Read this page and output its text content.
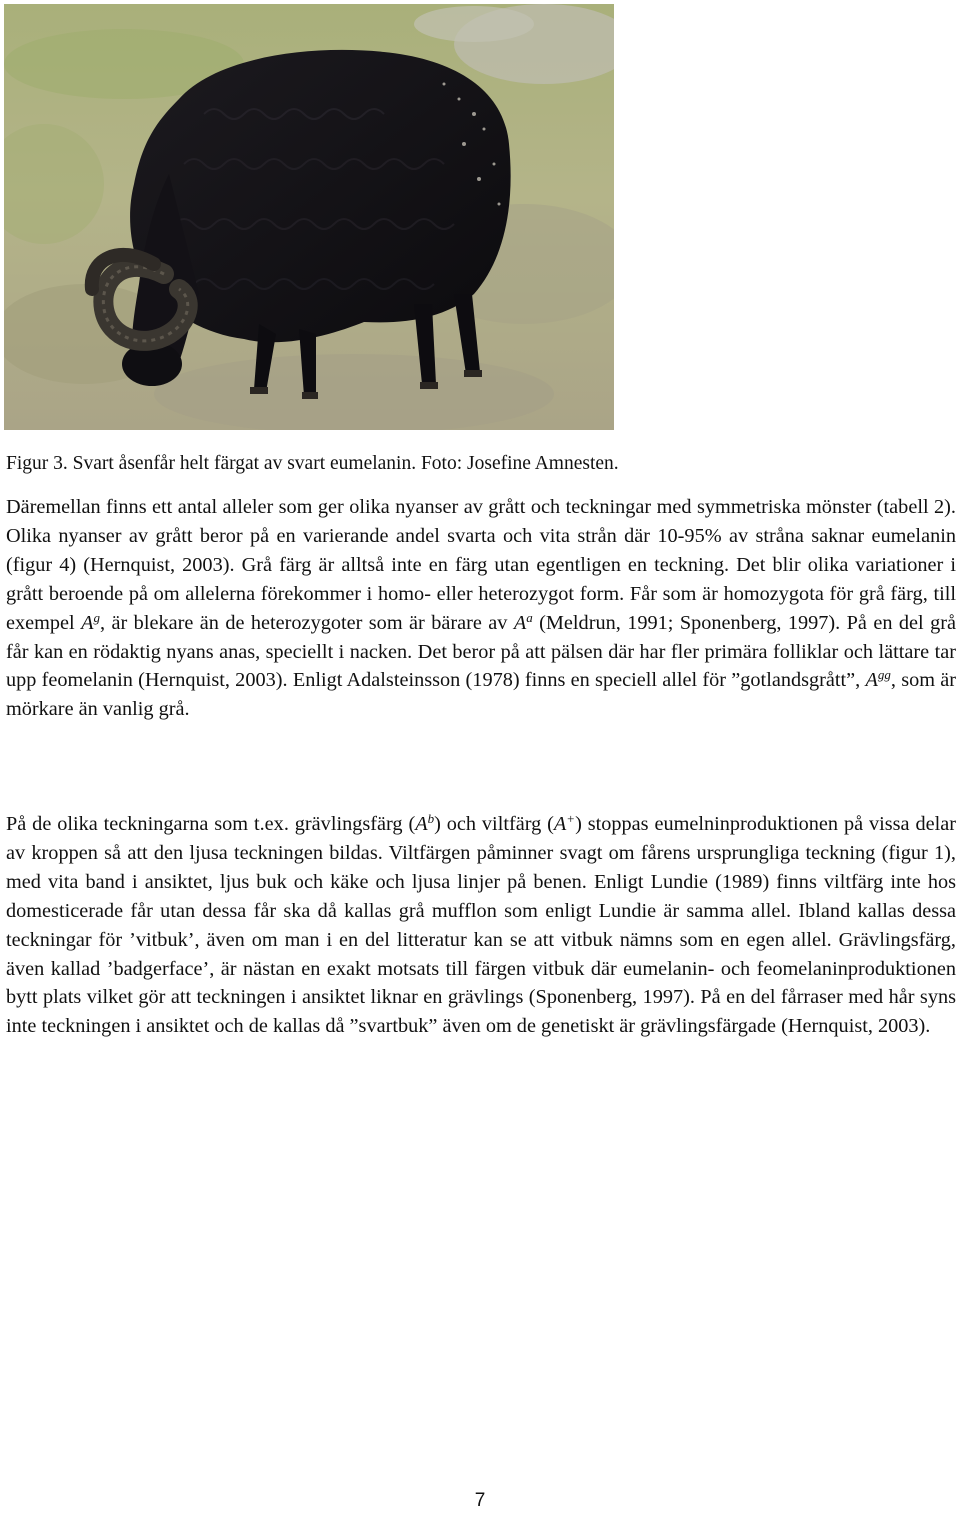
Figur 3. Svart åsenfår helt färgat av svart eumelanin. Foto: Josefine Amnesten.

Däremellan finns ett antal alleler som ger olika nyanser av grått och teckningar med symmetriska mönster (tabell 2). Olika nyanser av grått beror på en varierande andel svarta och vita strån där 10-95% av stråna saknar eumelanin (figur 4) (Hernquist, 2003). Grå färg är alltså inte en färg utan egentligen en teckning. Det blir olika variationer i grått beroende på om allelerna förekommer i homo- eller heterozygot form. Får som är homozygota för grå färg, till exempel $A^g$, är blekare än de heterozygoter som är bärare av $A^a$ (Meldrun, 1991; Sponenberg, 1997). På en del grå får kan en rödaktig nyans anas, speciellt i nacken. Det beror på att pälsen där har fler primära folliklar och lättare tar upp feomelanin (Hernquist, 2003). Enligt Adalsteinsson (1978) finns en speciell allel för ”gotlandsgrått”, $A^{gg}$, som är mörkare än vanlig grå.

På de olika teckningarna som t.ex. grävlingsfärg $(A^b)$ och viltfärg (A+) stoppas eumelninproduktionen på vissa delar av kroppen så att den ljusa teckningen bildas. Viltfärgen påminner svagt om fårens ursprungliga teckning (figur 1), med vita band i ansiktet, ljus buk och käke och ljusa linjer på benen. Enligt Lundie (1989) finns viltfärg inte hos domesticerade får utan dessa får ska då kallas grå mufflon som enligt Lundie är samma allel. Ibland kallas dessa teckningar för ’vitbuk’, även om man i en del litteratur kan se att vitbuk nämns som en egen allel. Grävlingsfärg, även kallad ’badgerface’, är nästan en exakt motsats till färgen vitbuk där eumelanin- och feomelaninproduktionen bytt plats vilket gör att teckningen i ansiktet liknar en grävlings (Sponenberg, 1997). På en del fårraser med hår syns inte teckningen i ansiktet och de kallas då ”svartbuk” även om de genetiskt är grävlingsfärgade (Hernquist, 2003).

7
